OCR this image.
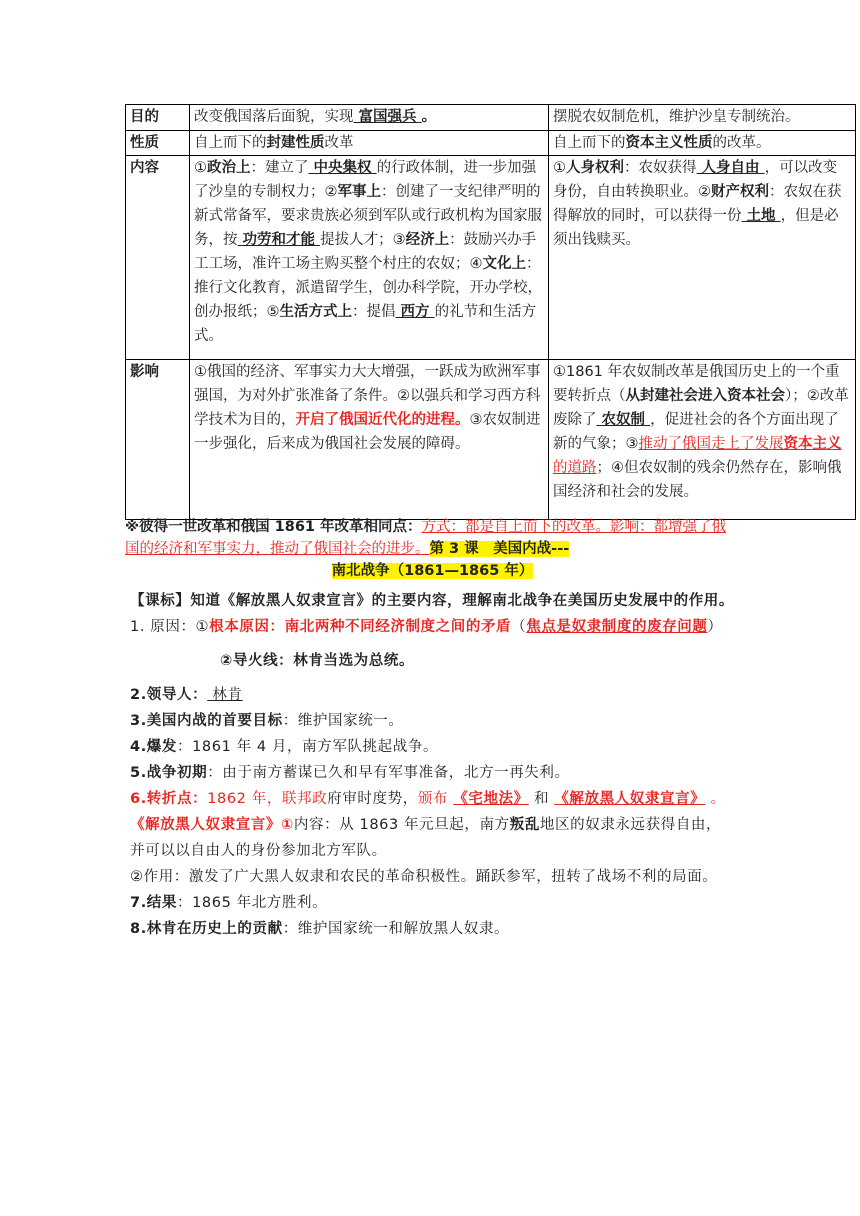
目的	改变俄国落后面貌，实现 富国强兵 。	摆脱农奴制危机，维护沙皇专制统治。
性质	自上而下的封建性质改革	自上而下的资本主义性质的改革。
内容	①政治上：建立了 中央集权 的行政体制，进一步加强了沙皇的专制权力；②军事上：创建了一支纪律严明的新式常备军，要求贵族必须到军队或行政机构为国家服务，按 功劳和才能 提拔人才；③经济上：鼓励兴办手工工场，准许工场主购买整个村庄的农奴；④文化上：推行文化教育，派遣留学生，创办科学院，开办学校，创办报纸；⑤生活方式上：提倡 西方 的礼节和生活方式。	①人身权利：农奴获得 人身自由 ，可以改变身份，自由转换职业。②财产权利：农奴在获得解放的同时，可以获得一份 土地 ，但是必须出钱赎买。
影响	①俄国的经济、军事实力大大增强，一跃成为欧洲军事强国，为对外扩张准备了条件。②以强兵和学习西方科学技术为目的，开启了俄国近代化的进程。③农奴制进一步强化，后来成为俄国社会发展的障碍。	①1861 年农奴制改革是俄国历史上的一个重要转折点（从封建社会进入资本社会）；②改革废除了 农奴制 ，促进社会的各个方面出现了新的气象；③推动了俄国走上了发展资本主义的道路；④但农奴制的残余仍然存在，影响俄国经济和社会的发展。

※彼得一世改革和俄国 1861 年改革相同点：方式：都是自上而下的改革。影响：都增强了俄国的经济和军事实力，推动了俄国社会的进步。第 3 课　美国内战---

南北战争（1861—1865 年）

【课标】知道《解放黑人奴隶宣言》的主要内容，理解南北战争在美国历史发展中的作用。

1. 原因：①根本原因：南北两种不同经济制度之间的矛盾（焦点是奴隶制度的废存问题）

②导火线：林肯当选为总统。

2.领导人： 林肯

3.美国内战的首要目标：维护国家统一。

4.爆发：1861 年 4 月，南方军队挑起战争。

5.战争初期：由于南方蓄谋已久和早有军事准备，北方一再失利。

6.转折点：1862 年，联邦政府审时度势，颁布 《宅地法》 和 《解放黑人奴隶宣言》 。

《解放黑人奴隶宣言》①内容：从 1863 年元旦起，南方叛乱地区的奴隶永远获得自由，并可以以自由人的身份参加北方军队。

②作用：激发了广大黑人奴隶和农民的革命积极性。踊跃参军，扭转了战场不利的局面。

7.结果：1865 年北方胜利。

8.林肯在历史上的贡献：维护国家统一和解放黑人奴隶。
